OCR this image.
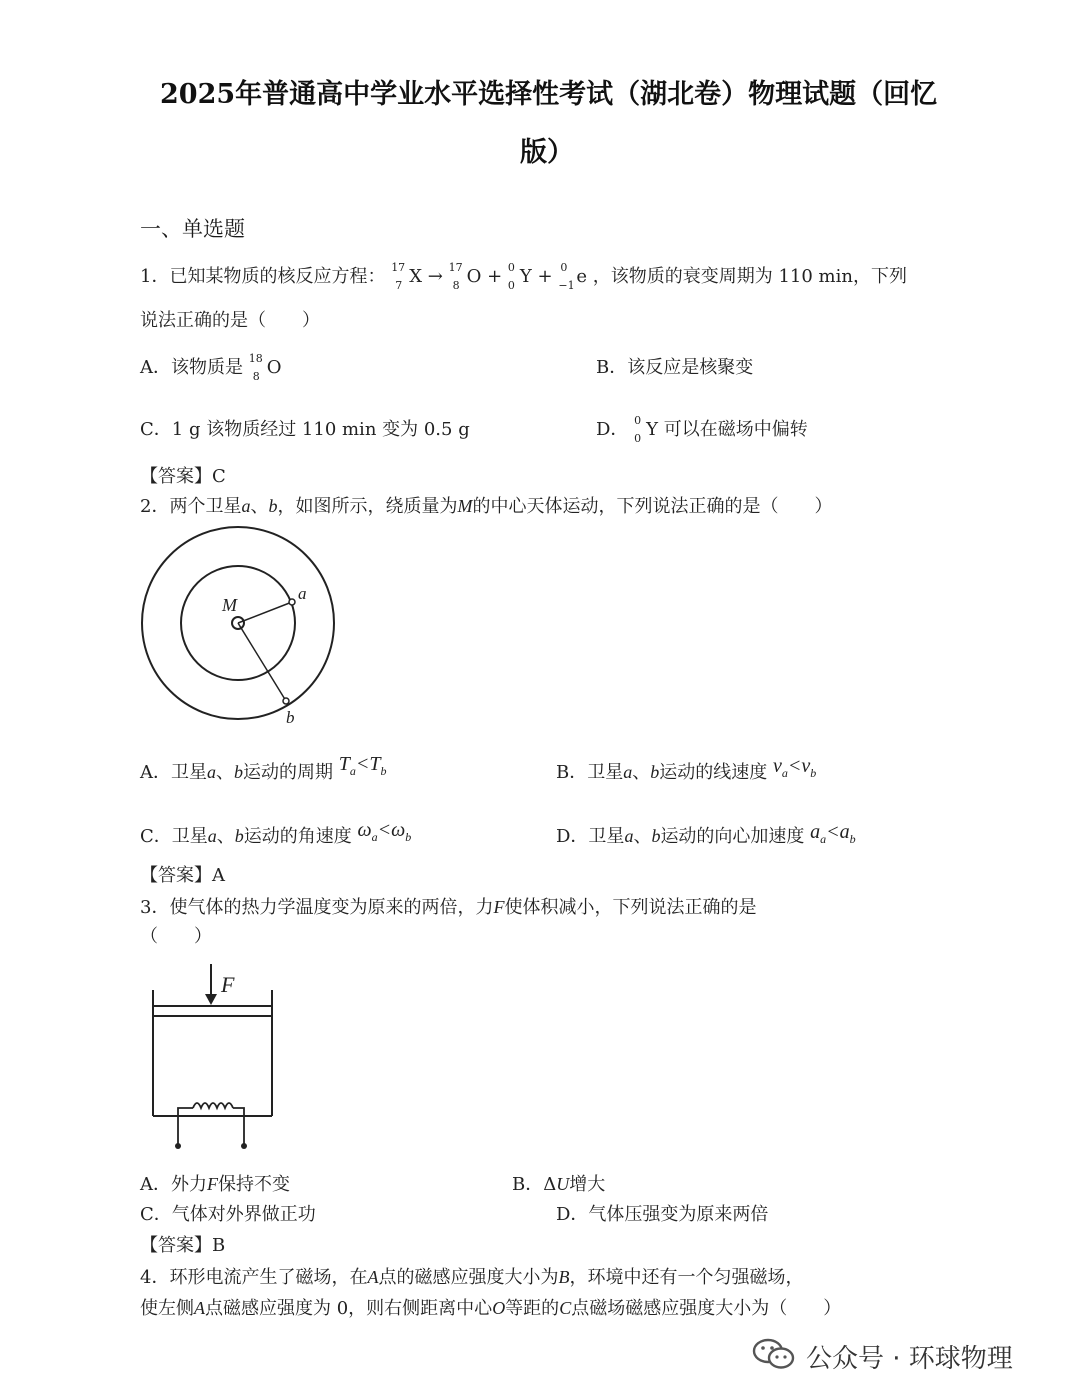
2025年普通高中学业水平选择性考试（湖北卷）物理试题（回忆
版）
一、单选题
1．已知某物质的核反应方程： 17
7 X → 17
8 O + 0
0 Y + 0
−1 e ，该物质的衰变周期为 110 min，下列
说法正确的是（　　）
A．该物质是 18
8 O	B．该反应是核聚变
C．1 g 该物质经过 110 min 变为 0.5 g	D． 0
0 Y 可以在磁场中偏转
【答案】C
2．两个卫星a、b，如图所示，绕质量为M的中心天体运动，下列说法正确的是（　　）
M
a
b
A．卫星a、b运动的周期 $T_a<T_b$	B．卫星a、b运动的线速度 $v_a<v_b$
C．卫星a、b运动的角速度 $\omega_a<\omega_b$	D．卫星a、b运动的向心加速度 $a_a<a_b$
【答案】A
3．使气体的热力学温度变为原来的两倍，力F使体积减小，下列说法正确的是
（　　）
F
A．外力F保持不变	B．ΔU增大
C．气体对外界做正功	D．气体压强变为原来两倍
【答案】B
4．环形电流产生了磁场，在A点的磁感应强度大小为B，环境中还有一个匀强磁场，
使左侧A点磁感应强度为 0，则右侧距离中心O等距的C点磁场磁感应强度大小为（　　）
公众号 · 环球物理
